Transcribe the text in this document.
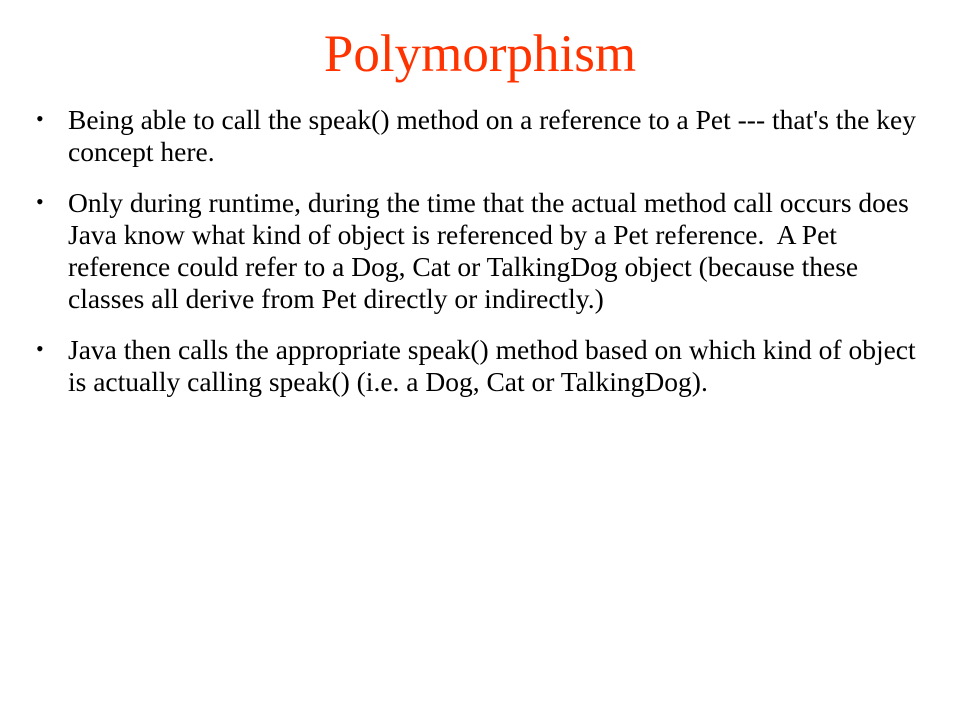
Polymorphism
• Being able to call the speak() method on a reference to a Pet --- that's the key concept here.
• Only during runtime, during the time that the actual method call occurs does Java know what kind of object is referenced by a Pet reference.  A Pet reference could refer to a Dog, Cat or TalkingDog object (because these classes all derive from Pet directly or indirectly.)
• Java then calls the appropriate speak() method based on which kind of object is actually calling speak() (i.e. a Dog, Cat or TalkingDog).
